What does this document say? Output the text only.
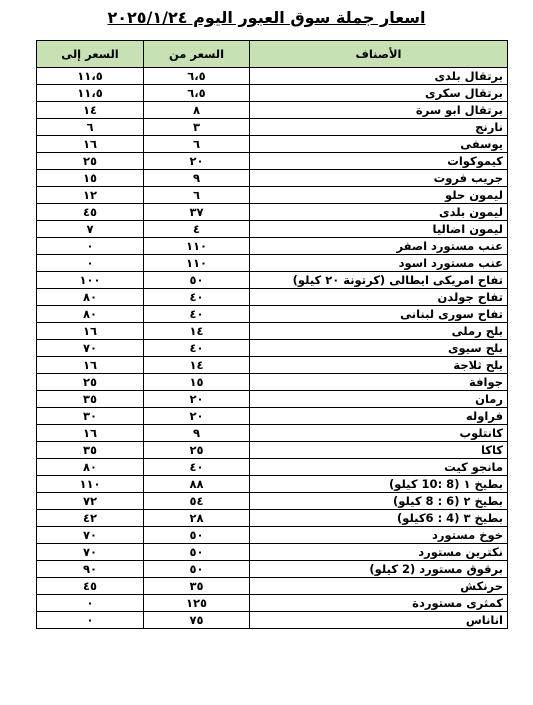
اسعار جملة سوق العبور اليوم ٢٠٢٥/١/٢٤
الأصناف	السعر من	السعر إلى
برتقال بلدى	٦،٥	١١،٥
برتقال سكرى	٦،٥	١١،٥
برتقال ابو سرة	٨	١٤
نارنج	٣	٦
يوسفى	٦	١٦
كيموكوات	٢٠	٢٥
جريب فروت	٩	١٥
ليمون حلو	٦	١٢
ليمون بلدى	٣٧	٤٥
ليمون اضاليا	٤	٧
عنب مستورد اصفر	١١٠	٠
عنب مستورد اسود	١١٠	٠
تفاح امريكى ايطالى (كرتونة ٢٠ كيلو)	٥٠	١٠٠
تفاح جولدن	٤٠	٨٠
تفاح سورى لبنانى	٤٠	٨٠
بلح رملى	١٤	١٦
بلح سيوى	٤٠	٧٠
بلح ثلاجة	١٤	١٦
جوافة	١٥	٢٥
رمان	٢٠	٣٥
فراوله	٢٠	٣٠
كانتلوب	٩	١٦
كاكا	٢٥	٣٥
مانجو كيت	٤٠	٨٠
بطيخ ١ (8 :10 كيلو)	٨٨	١١٠
بطيخ ٢ (6 : 8 كيلو)	٥٤	٧٢
بطيخ ٣ (4 : 6كيلو)	٢٨	٤٢
خوخ مستورد	٥٠	٧٠
نكترين مستورد	٥٠	٧٠
برقوق مستورد (2 كيلو)	٥٠	٩٠
حرنكش	٣٥	٤٥
كمثرى مستوردة	١٢٥	٠
اناناس	٧٥	٠
